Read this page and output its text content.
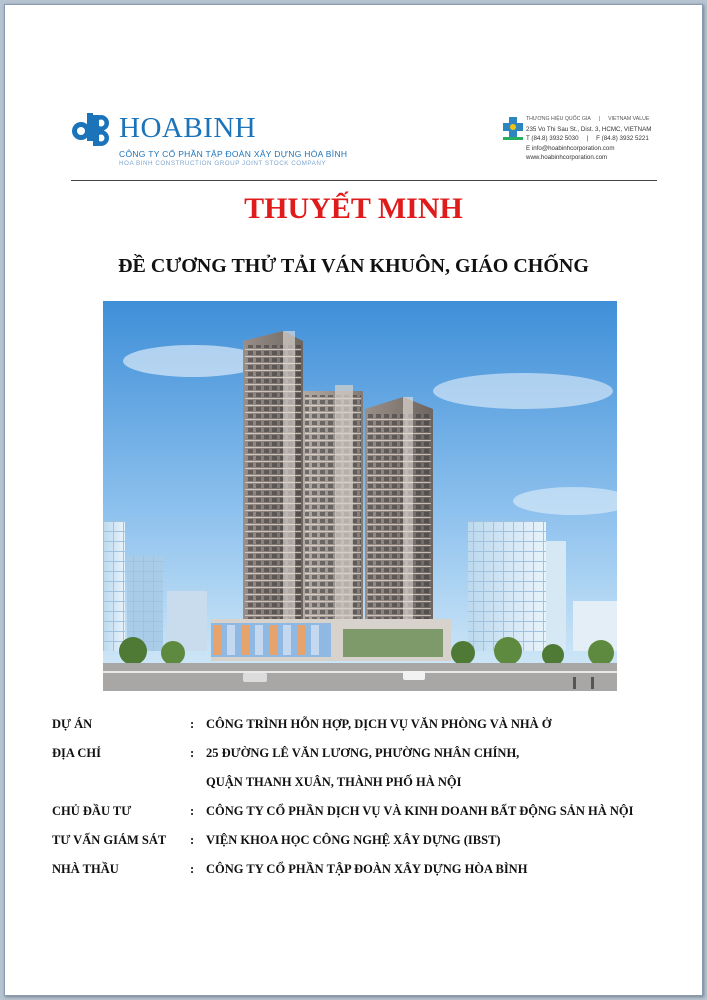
HOABINH
CÔNG TY CỔ PHẦN TẬP ĐOÀN XÂY DỰNG HÒA BÌNH
HOA BINH CONSTRUCTION GROUP JOINT STOCK COMPANY
THƯƠNG HIỆU QUỐC GIA | VIETNAM VALUE
235 Vo Thi Sau St., Dist. 3, HCMC, VIETNAM
T (84.8) 3932 5030 | F (84.8) 3932 5221
E info@hoabinhcorporation.com
www.hoabinhcorporation.com
THUYẾT MINH
ĐỀ CƯƠNG THỬ TẢI VÁN KHUÔN, GIÁO CHỐNG
DỰ ÁN	: CÔNG TRÌNH HỖN HỢP, DỊCH VỤ VĂN PHÒNG VÀ NHÀ Ở
ĐỊA CHỈ	: 25 ĐƯỜNG LÊ VĂN LƯƠNG, PHƯỜNG NHÂN CHÍNH,
QUẬN THANH XUÂN, THÀNH PHỐ HÀ NỘI
CHỦ ĐẦU TƯ	: CÔNG TY CỔ PHẦN DỊCH VỤ VÀ KINH DOANH BẤT ĐỘNG SẢN HÀ NỘI
TƯ VẤN GIÁM SÁT : VIỆN KHOA HỌC CÔNG NGHỆ XÂY DỰNG (IBST)
NHÀ THẦU	: CÔNG TY CỔ PHẦN TẬP ĐOÀN XÂY DỰNG HÒA BÌNH
